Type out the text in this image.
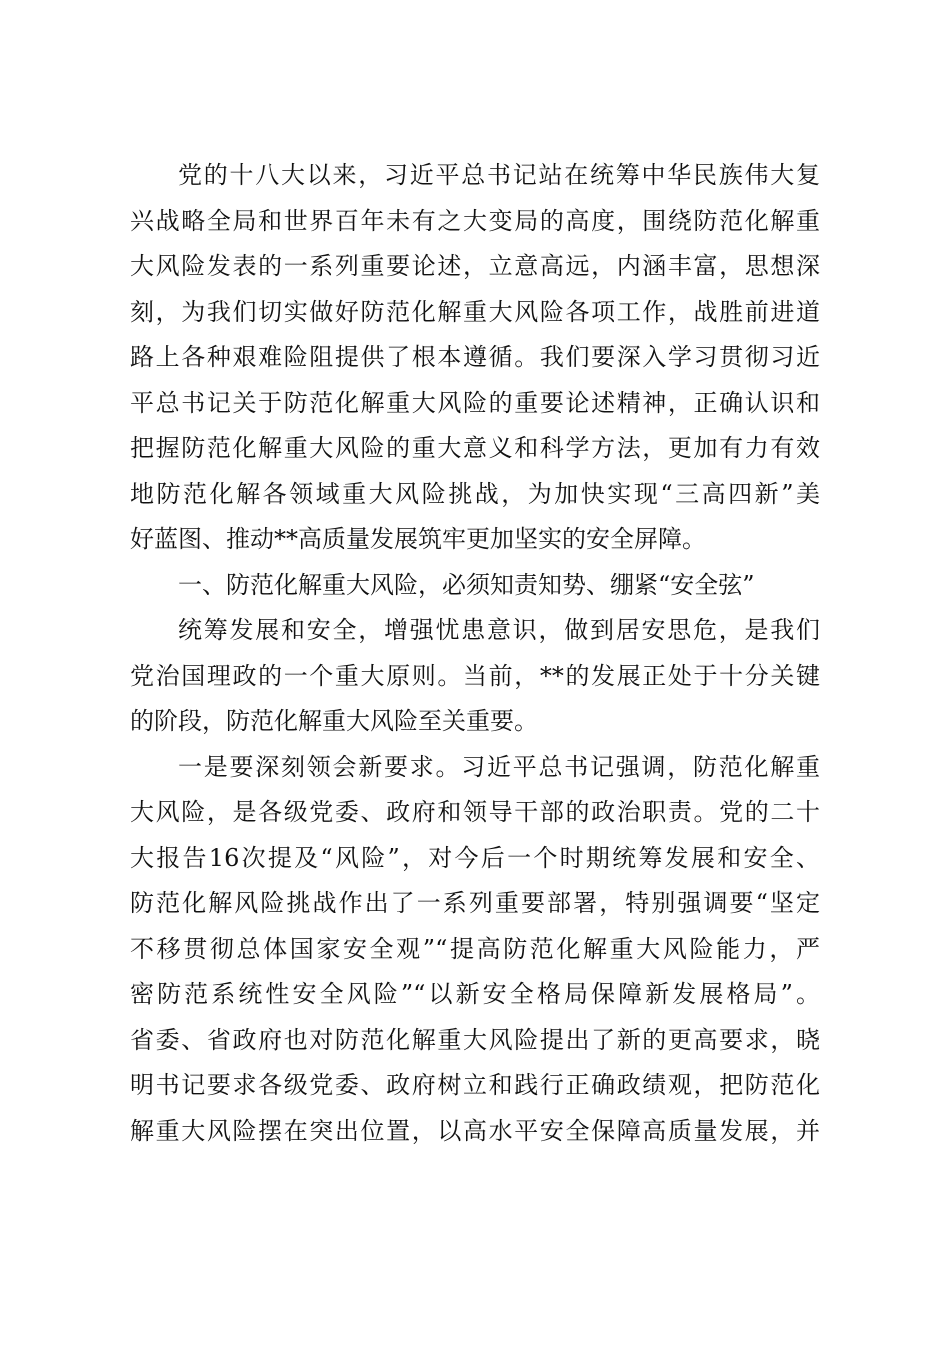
党的十八大以来，习近平总书记站在统筹中华民族伟大复
兴战略全局和世界百年未有之大变局的高度，围绕防范化解重
大风险发表的一系列重要论述，立意高远，内涵丰富，思想深
刻，为我们切实做好防范化解重大风险各项工作，战胜前进道
路上各种艰难险阻提供了根本遵循。我们要深入学习贯彻习近
平总书记关于防范化解重大风险的重要论述精神，正确认识和
把握防范化解重大风险的重大意义和科学方法，更加有力有效
地防范化解各领域重大风险挑战，为加快实现“三高四新”美
好蓝图、推动**高质量发展筑牢更加坚实的安全屏障。
一、防范化解重大风险，必须知责知势、绷紧“安全弦”
统筹发展和安全，增强忧患意识，做到居安思危，是我们
党治国理政的一个重大原则。当前，**的发展正处于十分关键
的阶段，防范化解重大风险至关重要。
一是要深刻领会新要求。习近平总书记强调，防范化解重
大风险，是各级党委、政府和领导干部的政治职责。党的二十
大报告16次提及“风险”，对今后一个时期统筹发展和安全、
防范化解风险挑战作出了一系列重要部署，特别强调要“坚定
不移贯彻总体国家安全观”“提高防范化解重大风险能力，严
密防范系统性安全风险”“以新安全格局保障新发展格局”。
省委、省政府也对防范化解重大风险提出了新的更高要求，晓
明书记要求各级党委、政府树立和践行正确政绩观，把防范化
解重大风险摆在突出位置，以高水平安全保障高质量发展，并
